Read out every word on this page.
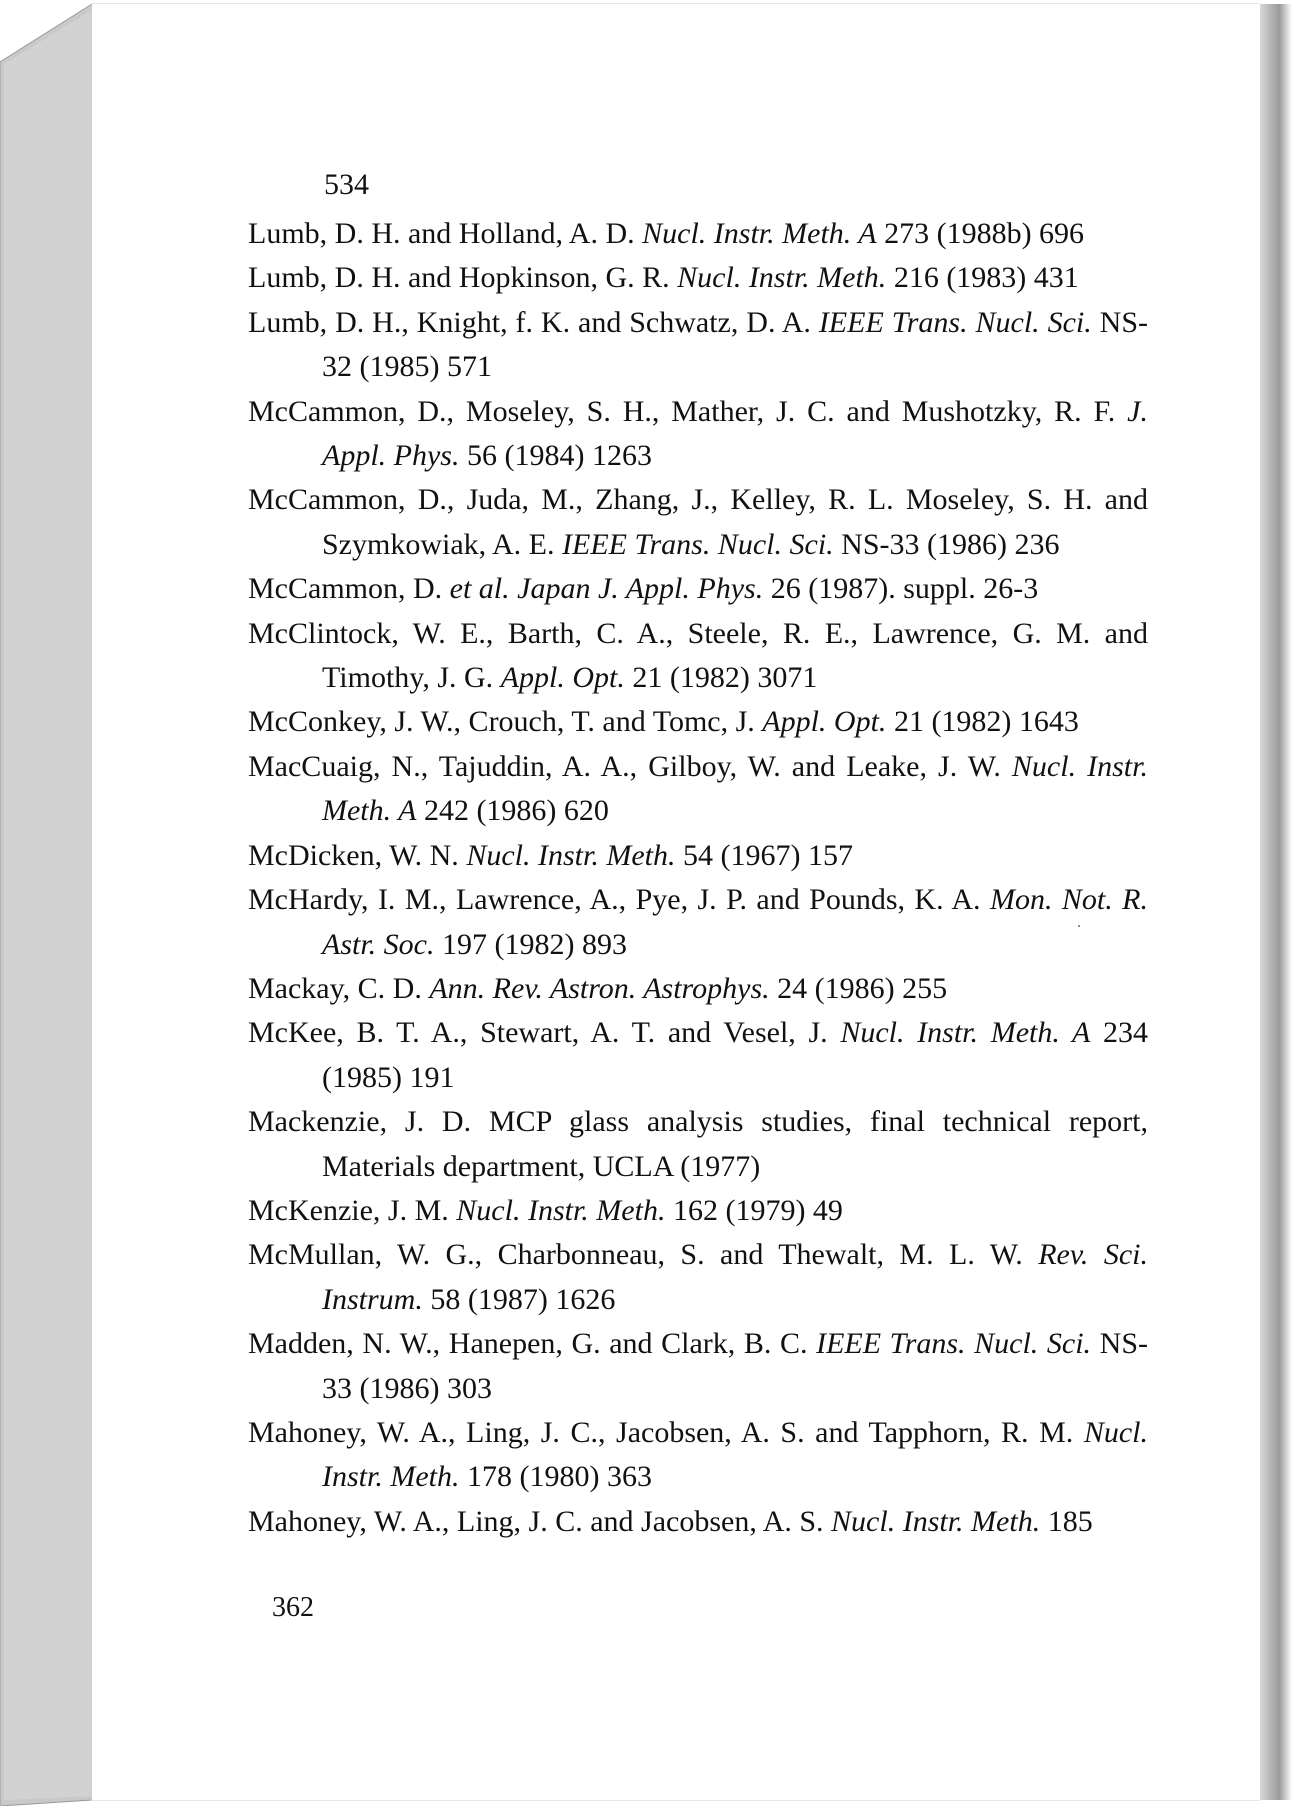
534

Lumb, D. H. and Holland, A. D. Nucl. Instr. Meth. A 273 (1988b) 696

Lumb, D. H. and Hopkinson, G. R. Nucl. Instr. Meth. 216 (1983) 431

Lumb, D. H., Knight, f. K. and Schwatz, D. A. IEEE Trans. Nucl. Sci. NS-32 (1985) 571

McCammon, D., Moseley, S. H., Mather, J. C. and Mushotzky, R. F. J. Appl. Phys. 56 (1984) 1263

McCammon, D., Juda, M., Zhang, J., Kelley, R. L. Moseley, S. H. and Szymkowiak, A. E. IEEE Trans. Nucl. Sci. NS-33 (1986) 236

McCammon, D. et al. Japan J. Appl. Phys. 26 (1987). suppl. 26-3

McClintock, W. E., Barth, C. A., Steele, R. E., Lawrence, G. M. and Timothy, J. G. Appl. Opt. 21 (1982) 3071

McConkey, J. W., Crouch, T. and Tomc, J. Appl. Opt. 21 (1982) 1643

MacCuaig, N., Tajuddin, A. A., Gilboy, W. and Leake, J. W. Nucl. Instr. Meth. A 242 (1986) 620

McDicken, W. N. Nucl. Instr. Meth. 54 (1967) 157

McHardy, I. M., Lawrence, A., Pye, J. P. and Pounds, K. A. Mon. Not. R. Astr. Soc. 197 (1982) 893

Mackay, C. D. Ann. Rev. Astron. Astrophys. 24 (1986) 255

McKee, B. T. A., Stewart, A. T. and Vesel, J. Nucl. Instr. Meth. A 234 (1985) 191

Mackenzie, J. D. MCP glass analysis studies, final technical report, Materials department, UCLA (1977)

McKenzie, J. M. Nucl. Instr. Meth. 162 (1979) 49

McMullan, W. G., Charbonneau, S. and Thewalt, M. L. W. Rev. Sci. Instrum. 58 (1987) 1626

Madden, N. W., Hanepen, G. and Clark, B. C. IEEE Trans. Nucl. Sci. NS-33 (1986) 303

Mahoney, W. A., Ling, J. C., Jacobsen, A. S. and Tapphorn, R. M. Nucl. Instr. Meth. 178 (1980) 363

Mahoney, W. A., Ling, J. C. and Jacobsen, A. S. Nucl. Instr. Meth. 185

362
